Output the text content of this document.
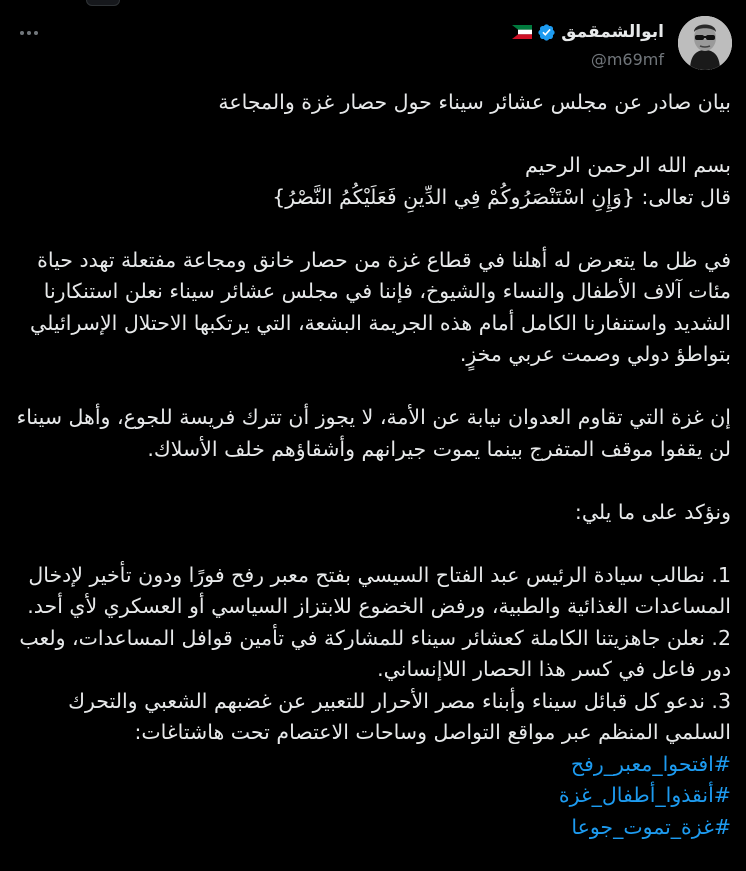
ابوالشمقمق
@m69mf

بيان صادر عن مجلس عشائر سيناء حول حصار غزة والمجاعة

بسم الله الرحمن الرحيم

قال تعالى: {وَإِنِ اسْتَنْصَرُوكُمْ فِي الدِّينِ فَعَلَيْكُمُ النَّصْرُ}

في ظل ما يتعرض له أهلنا في قطاع غزة من حصار خانق ومجاعة مفتعلة تهدد حياة مئات آلاف الأطفال والنساء والشيوخ، فإننا في مجلس عشائر سيناء نعلن استنكارنا الشديد واستنفارنا الكامل أمام هذه الجريمة البشعة، التي يرتكبها الاحتلال الإسرائيلي بتواطؤ دولي وصمت عربي مخزٍ.

إن غزة التي تقاوم العدوان نيابة عن الأمة، لا يجوز أن تترك فريسة للجوع، وأهل سيناء لن يقفوا موقف المتفرج بينما يموت جيرانهم وأشقاؤهم خلف الأسلاك.

ونؤكد على ما يلي:

1. نطالب سيادة الرئيس عبد الفتاح السيسي بفتح معبر رفح فورًا ودون تأخير لإدخال المساعدات الغذائية والطبية، ورفض الخضوع للابتزاز السياسي أو العسكري لأي أحد.

2. نعلن جاهزيتنا الكاملة كعشائر سيناء للمشاركة في تأمين قوافل المساعدات، ولعب دور فاعل في كسر هذا الحصار اللاإنساني.

3. ندعو كل قبائل سيناء وأبناء مصر الأحرار للتعبير عن غضبهم الشعبي والتحرك السلمي المنظم عبر مواقع التواصل وساحات الاعتصام تحت هاشتاغات:

#افتحوا_معبر_رفح
#أنقذوا_أطفال_غزة
#غزة_تموت_جوعا
